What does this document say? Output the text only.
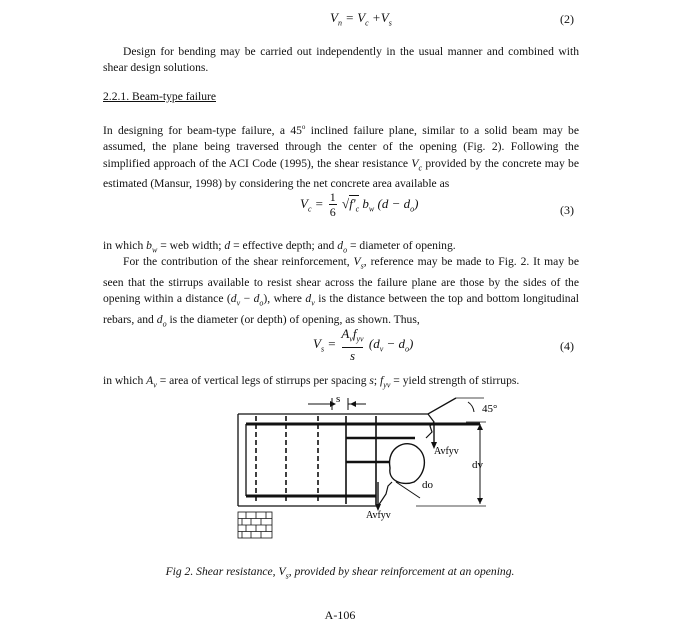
$V_n = V_c +V_s$	(2)
Design for bending may be carried out independently in the usual manner and combined with shear design solutions.
2.2.1. Beam-type failure
In designing for beam-type failure, a 45$^o$ inclined failure plane, similar to a solid beam may be assumed, the plane being traversed through the center of the opening (Fig. 2). Following the simplified approach of the ACI Code (1995), the shear resistance $V_c$ provided by the concrete may be estimated (Mansur, 1998) by considering the net concrete area available as
$V_c = 1$
6 $√f'_c$ $b_w$ $(d - d_o)$	(3)
in which $b_w$ = web width; d = effective depth; and $d_o$ = diameter of opening.
For the contribution of the shear reinforcement, $V_s$, reference may be made to Fig. 2. It may be seen that the stirrups available to resist shear across the failure plane are those by the sides of the opening within a distance $(d_v - d_o)$, where $d_v$ is the distance between the top and bottom longitudinal rebars, and $d_o$ is the diameter (or depth) of opening, as shown. Thus,
$V_s = A_vf_{yv}$
s $(d_v - d_o)$	(4)
in which $A_v$ = area of vertical legs of stirrups per spacing s; $f_{yv}$ = yield strength of stirrups.
s
45°
Avfyv
Avfyv
dv
do
Fig 2. Shear resistance, $V_s$, provided by shear reinforcement at an opening.
A-106
